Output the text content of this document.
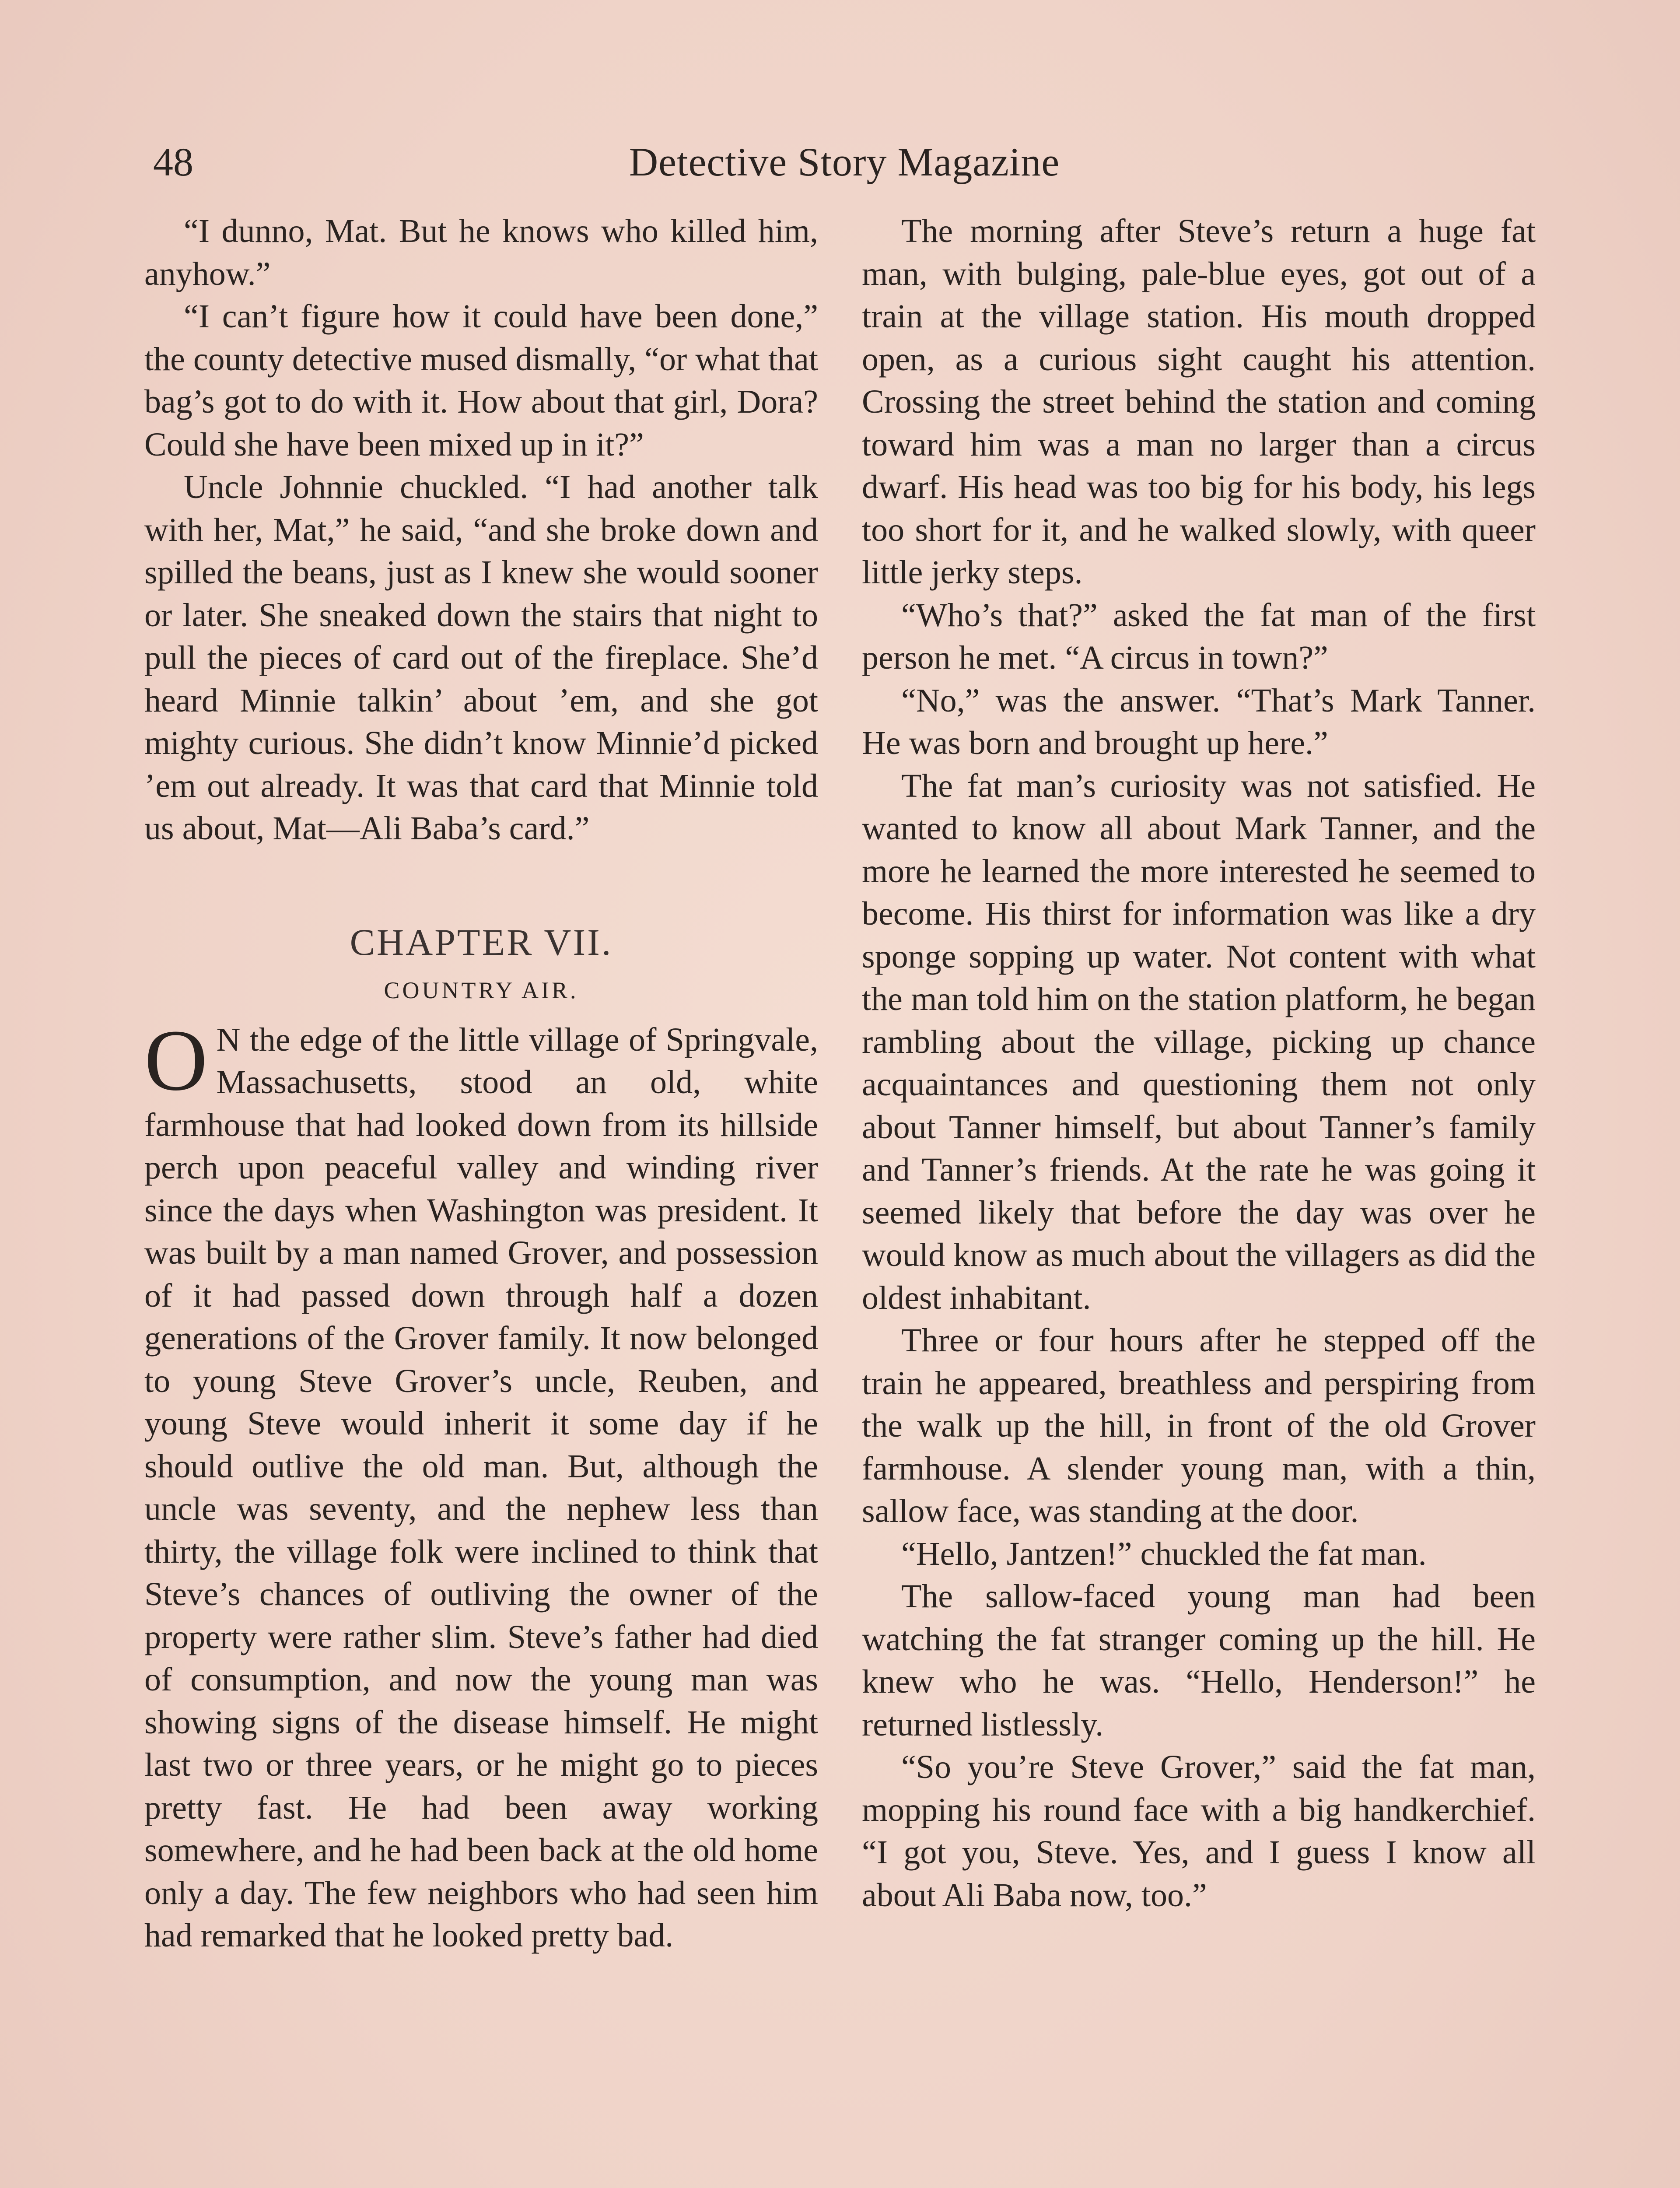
48	Detective Story Magazine

“I dunno, Mat. But he knows who killed him, anyhow.”

“I can’t figure how it could have been done,” the county detective mused dismally, “or what that bag’s got to do with it. How about that girl, Dora? Could she have been mixed up in it?”

Uncle Johnnie chuckled. “I had another talk with her, Mat,” he said, “and she broke down and spilled the beans, just as I knew she would sooner or later. She sneaked down the stairs that night to pull the pieces of card out of the fireplace. She’d heard Minnie talkin’ about ’em, and she got mighty curious. She didn’t know Minnie’d picked ’em out already. It was that card that Minnie told us about, Mat—Ali Baba’s card.”

CHAPTER VII.
COUNTRY AIR.

O N the edge of the little village of Springvale, Massachusetts, stood an old, white farmhouse that had looked down from its hillside perch upon peaceful valley and winding river since the days when Washington was president. It was built by a man named Grover, and possession of it had passed down through half a dozen generations of the Grover family. It now belonged to young Steve Grover’s uncle, Reuben, and young Steve would inherit it some day if he should outlive the old man. But, although the uncle was seventy, and the nephew less than thirty, the village folk were inclined to think that Steve’s chances of outliving the owner of the property were rather slim. Steve’s father had died of consumption, and now the young man was showing signs of the disease himself. He might last two or three years, or he might go to pieces pretty fast. He had been away working somewhere, and he had been back at the old home only a day. The few neighbors who had seen him had remarked that he looked pretty bad.

The morning after Steve’s return a huge fat man, with bulging, pale-blue eyes, got out of a train at the village station. His mouth dropped open, as a curious sight caught his attention. Crossing the street behind the station and coming toward him was a man no larger than a circus dwarf. His head was too big for his body, his legs too short for it, and he walked slowly, with queer little jerky steps.

“Who’s that?” asked the fat man of the first person he met. “A circus in town?”

“No,” was the answer. “That’s Mark Tanner. He was born and brought up here.”

The fat man’s curiosity was not satisfied. He wanted to know all about Mark Tanner, and the more he learned the more interested he seemed to become. His thirst for information was like a dry sponge sopping up water. Not content with what the man told him on the station platform, he began rambling about the village, picking up chance acquaintances and questioning them not only about Tanner himself, but about Tanner’s family and Tanner’s friends. At the rate he was going it seemed likely that before the day was over he would know as much about the villagers as did the oldest inhabitant.

Three or four hours after he stepped off the train he appeared, breathless and perspiring from the walk up the hill, in front of the old Grover farmhouse. A slender young man, with a thin, sallow face, was standing at the door.

“Hello, Jantzen!” chuckled the fat man.

The sallow-faced young man had been watching the fat stranger coming up the hill. He knew who he was. “Hello, Henderson!” he returned listlessly.

“So you’re Steve Grover,” said the fat man, mopping his round face with a big handkerchief. “I got you, Steve. Yes, and I guess I know all about Ali Baba now, too.”
